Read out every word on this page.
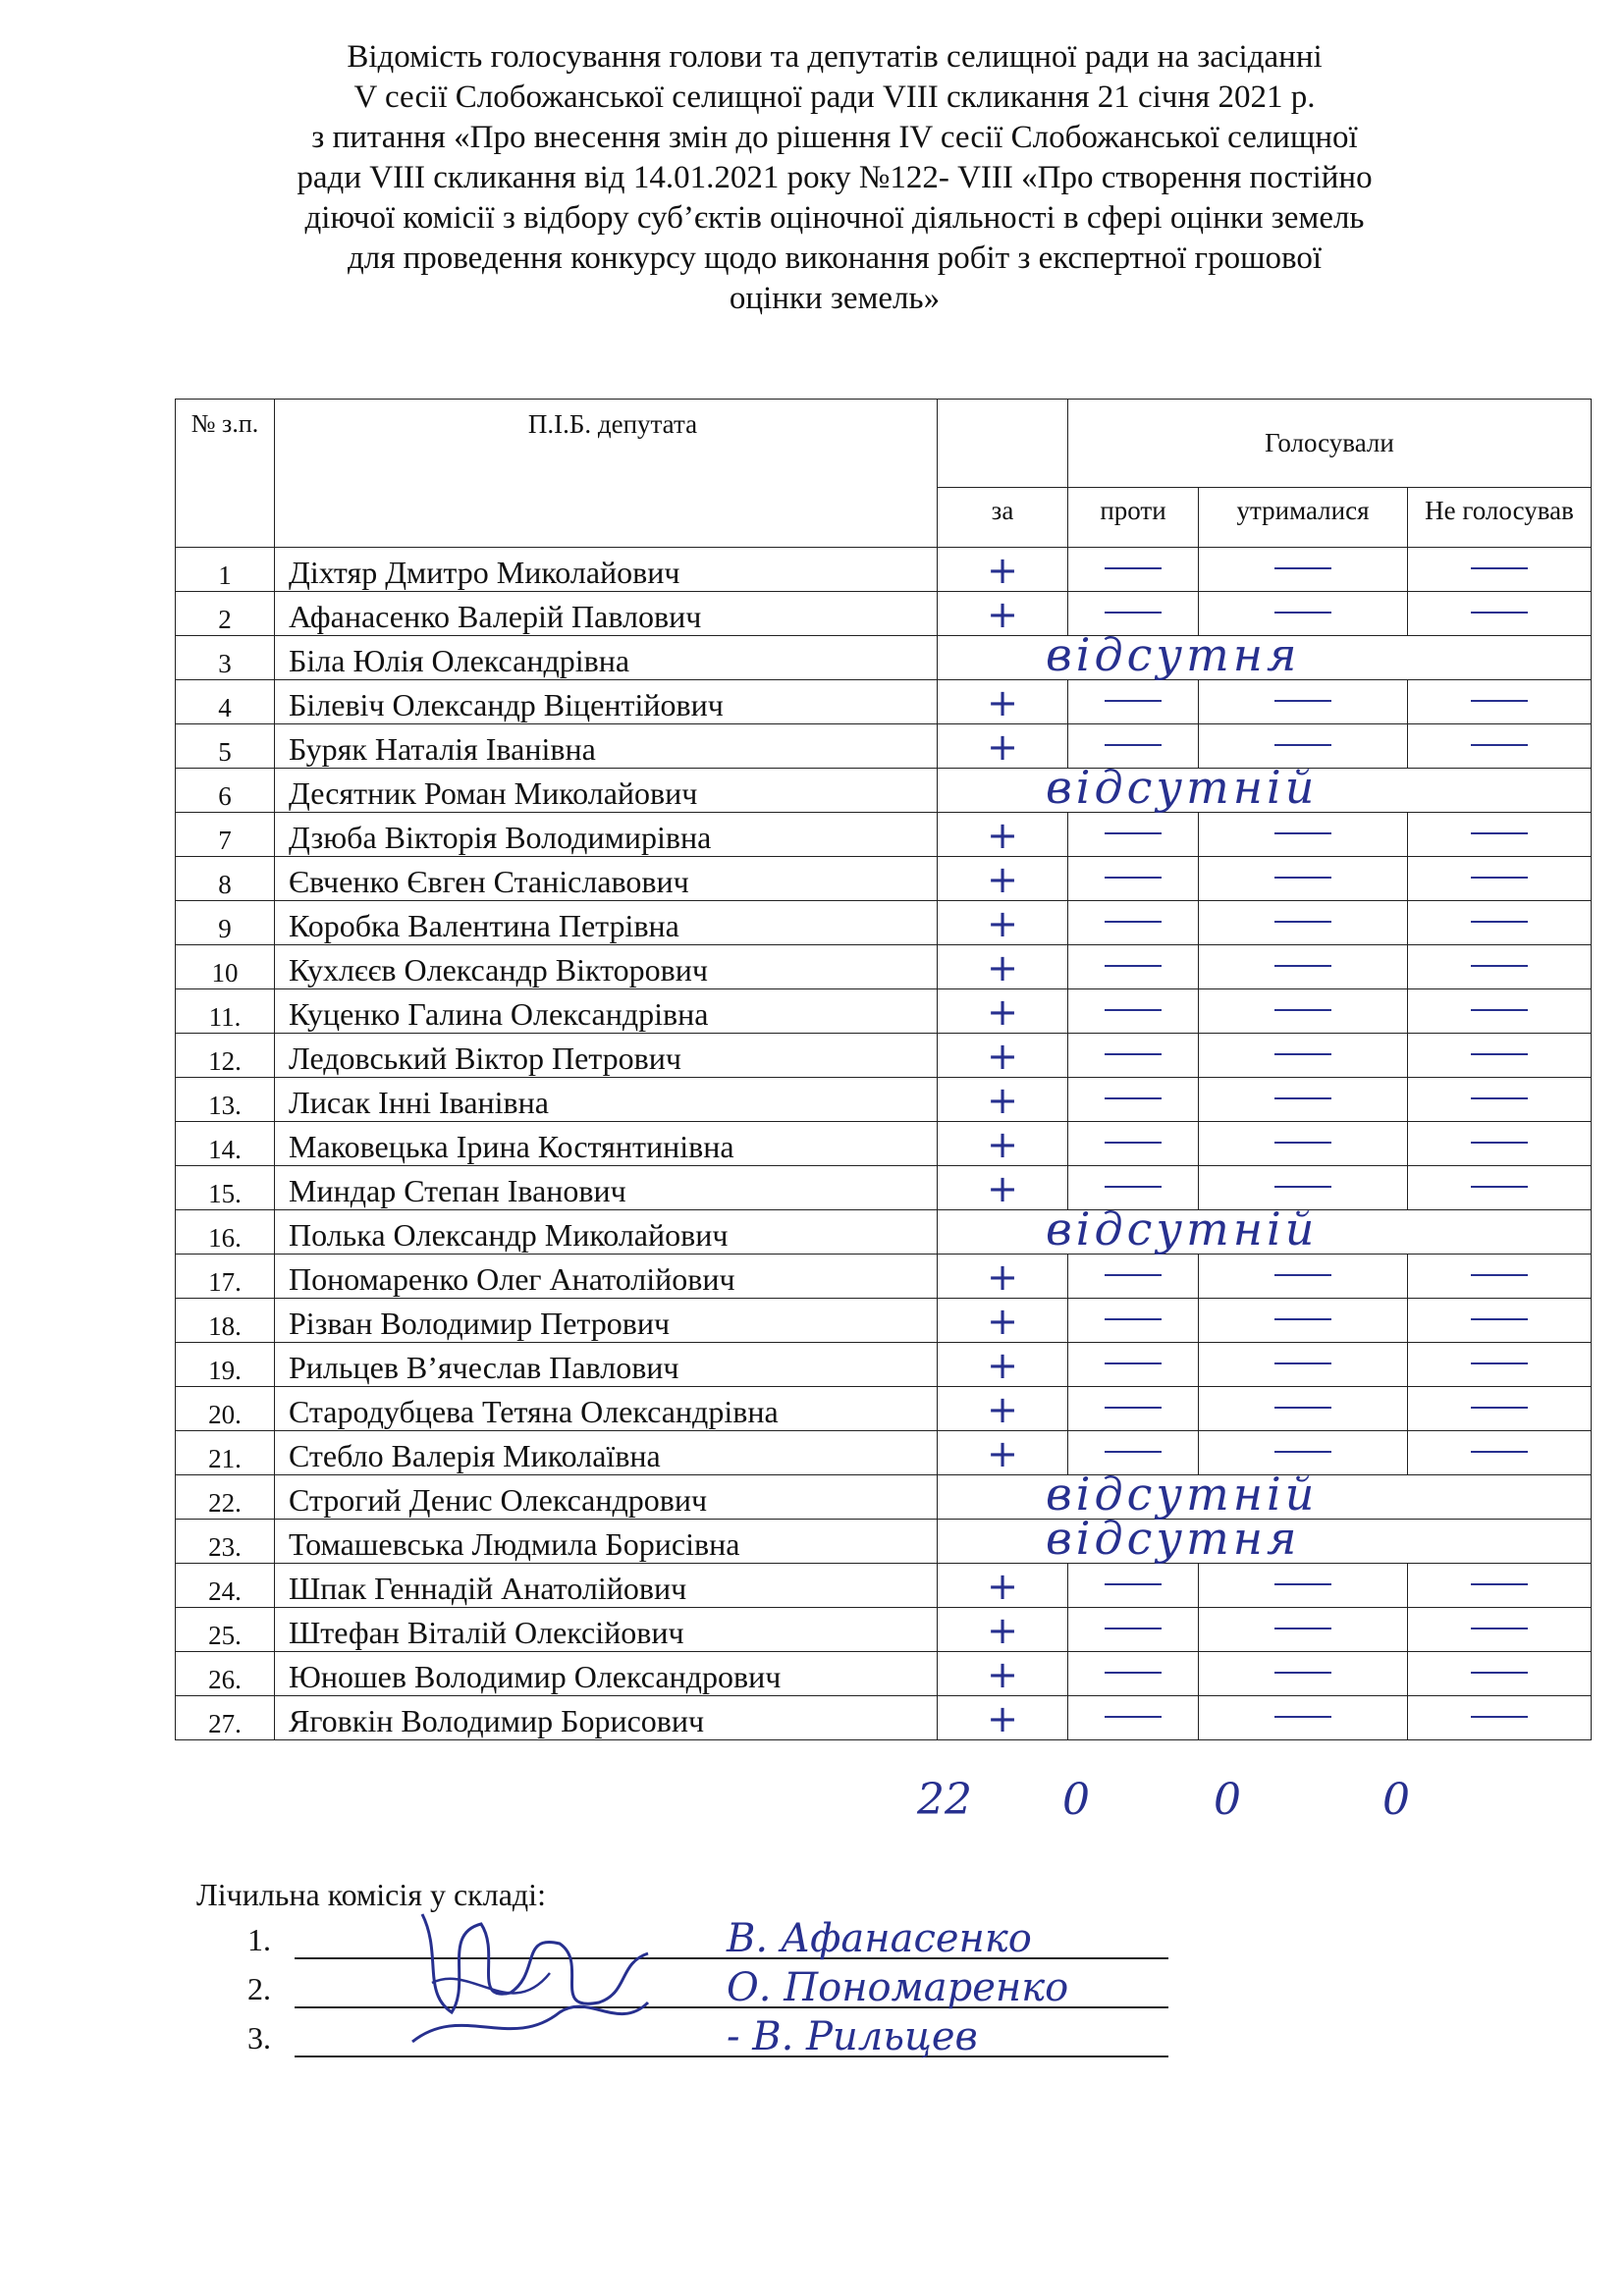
Відомість голосування голови та депутатів селищної ради на засіданні
V сесії Слобожанської селищної ради VIII скликання 21 січня 2021 р.
з питання «Про внесення змін до рішення IV сесії Слобожанської селищної
ради VIII скликання від 14.01.2021 року №122- VIII «Про створення постійно
діючої комісії з відбору суб’єктів оціночної діяльності в сфері оцінки земель
для проведення конкурсу щодо виконання робіт з експертної грошової
оцінки земель»
№ з.п.	П.І.Б. депутата		Голосували		
		за	проти	утрималися	Не голосував
1	Діхтяр Дмитро Миколайович	+			
2	Афанасенко Валерій Павлович	+			
3	Біла Юлія Олександрівна	відсутня			

4	Білевіч Олександр Віцентійович	+			
5	Буряк Наталія Іванівна	+			
6	Десятник Роман Миколайович	відсутній			

7	Дзюба Вікторія Володимирівна	+			
8	Євченко Євген Станіславович	+			
9	Коробка Валентина Петрівна	+			
10	Кухлєєв Олександр Вікторович	+			
11.	Куценко Галина Олександрівна	+			
12.	Ледовський Віктор Петрович	+			
13.	Лисак Інні Іванівна	+			
14.	Маковецька Ірина Костянтинівна	+			
15.	Миндар Степан Іванович	+			
16.	Полька Олександр Миколайович	відсутній			

17.	Пономаренко Олег Анатолійович	+			
18.	Різван Володимир Петрович	+			
19.	Рильцев В’ячеслав Павлович	+			
20.	Стародубцева Тетяна Олександрівна	+			
21.	Стебло Валерія Миколаївна	+			
22.	Строгий Денис Олександрович	відсутній			

23.	Томашевська Людмила Борисівна	відсутня			

24.	Шпак Геннадій Анатолійович	+			
25.	Штефан Віталій Олексійович	+			
26.	Юношев Володимир Олександрович	+			
27.	Яговкін Володимир Борисович	+			
22 0	0	0
Лічильна комісія у складі:
1.	В. Афанасенко
2.	О. Пономаренко
3.	- В. Рильцев
